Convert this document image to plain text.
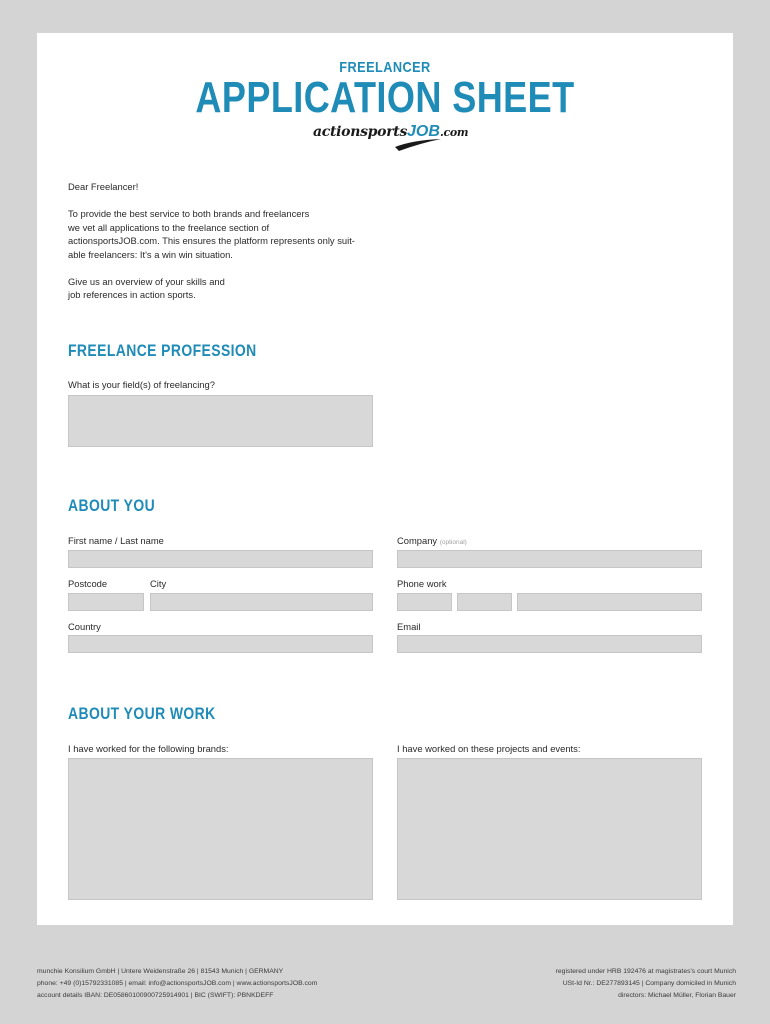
FREELANCER
APPLICATION SHEET
actionsportsJOB.com

Dear Freelancer!

To provide the best service to both brands and freelancers
we vet all applications to the freelance section of
actionsportsJOB.com. This ensures the platform represents only suit-
able freelancers: It's a win win situation.

Give us an overview of your skills and
job references in action sports.

FREELANCE PROFESSION
What is your field(s) of freelancing?
ABOUT YOU
First name / Last name	Company (optional)
Postcode	City	Phone work
Country	Email
ABOUT YOUR WORK
I have worked for the following brands:	I have worked on these projects and events:
munchie Konsilium GmbH | Untere Weidenstraße 26 | 81543 Munich | GERMANY
phone: +49 (0)15792331085 | email: info@actionsportsJOB.com | www.actionsportsJOB.com
account details IBAN: DE05860100900725914901 | BIC (SWIFT): PBNKDEFF
registered under HRB 192476 at magistrates's court Munich
USt-Id Nr.: DE277893145 | Company domiciled in Munich
directors: Michael Müller, Florian Bauer
